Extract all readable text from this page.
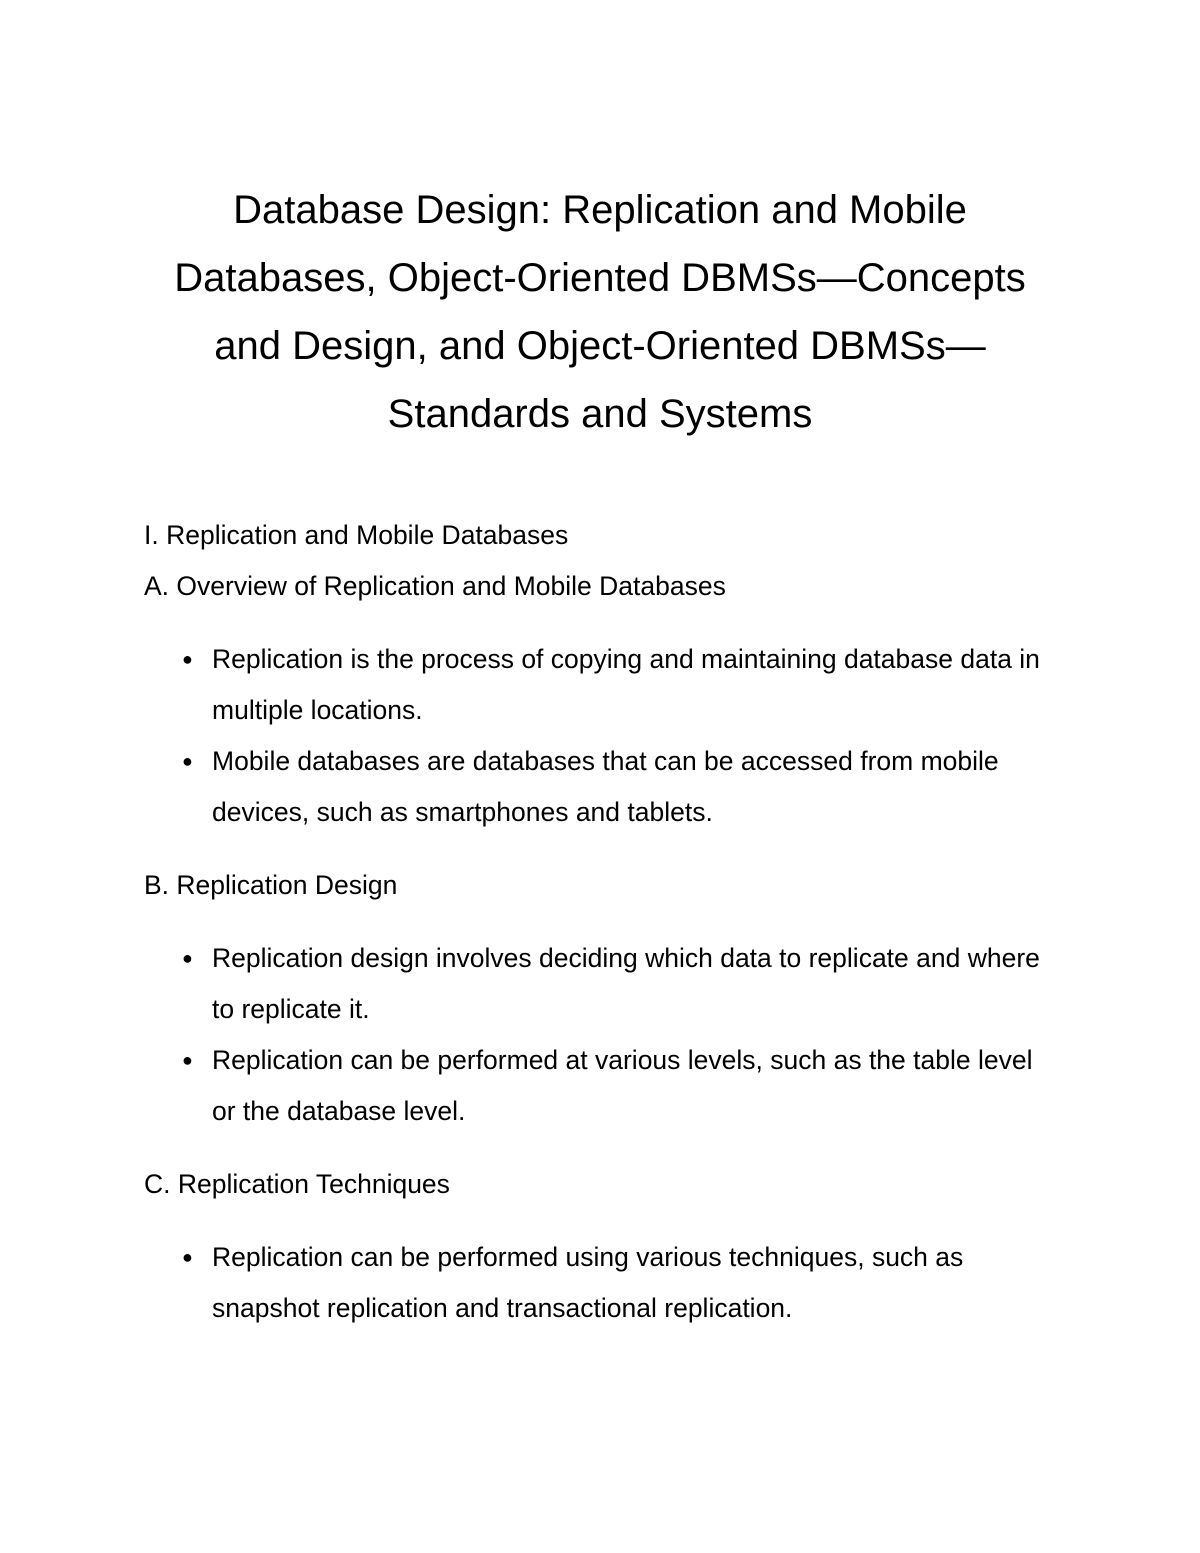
Database Design: Replication and Mobile Databases, Object-Oriented DBMSs—Concepts and Design, and Object-Oriented DBMSs—Standards and Systems

I. Replication and Mobile Databases

A. Overview of Replication and Mobile Databases

● Replication is the process of copying and maintaining database data in multiple locations.
● Mobile databases are databases that can be accessed from mobile devices, such as smartphones and tablets.

B. Replication Design

● Replication design involves deciding which data to replicate and where to replicate it.
● Replication can be performed at various levels, such as the table level or the database level.

C. Replication Techniques

● Replication can be performed using various techniques, such as snapshot replication and transactional replication.
